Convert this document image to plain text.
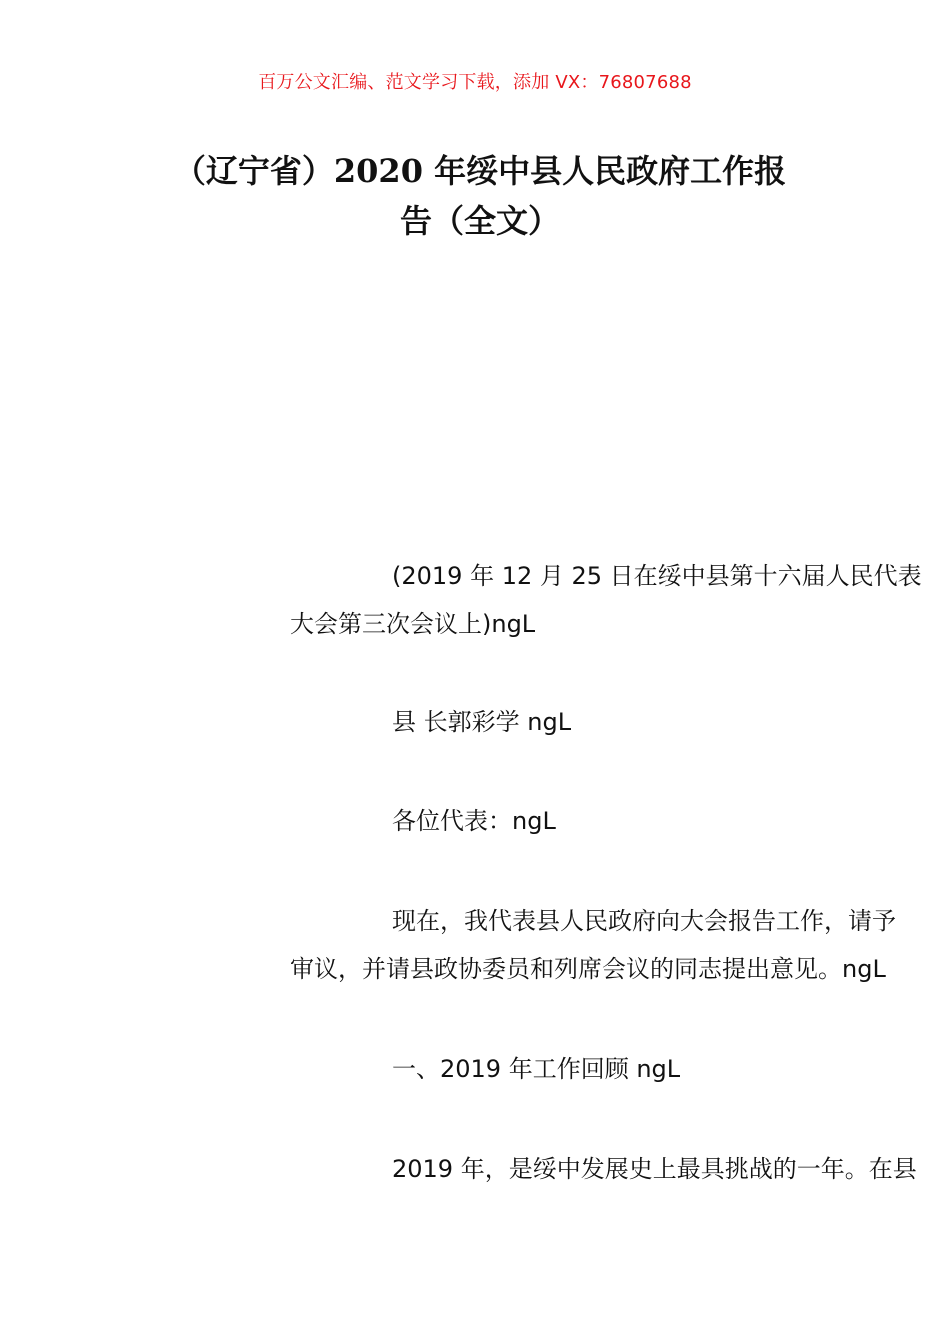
百万公文汇编、范文学习下载，添加 VX：76807688
（辽宁省）2020 年绥中县人民政府工作报
告（全文）
(2019 年 12 月 25 日在绥中县第十六届人民代表
大会第三次会议上)ngL
县 长郭彩学 ngL
各位代表：ngL
现在，我代表县人民政府向大会报告工作，请予
审议，并请县政协委员和列席会议的同志提出意见。ngL
一、2019 年工作回顾 ngL
2019 年，是绥中发展史上最具挑战的一年。在县
